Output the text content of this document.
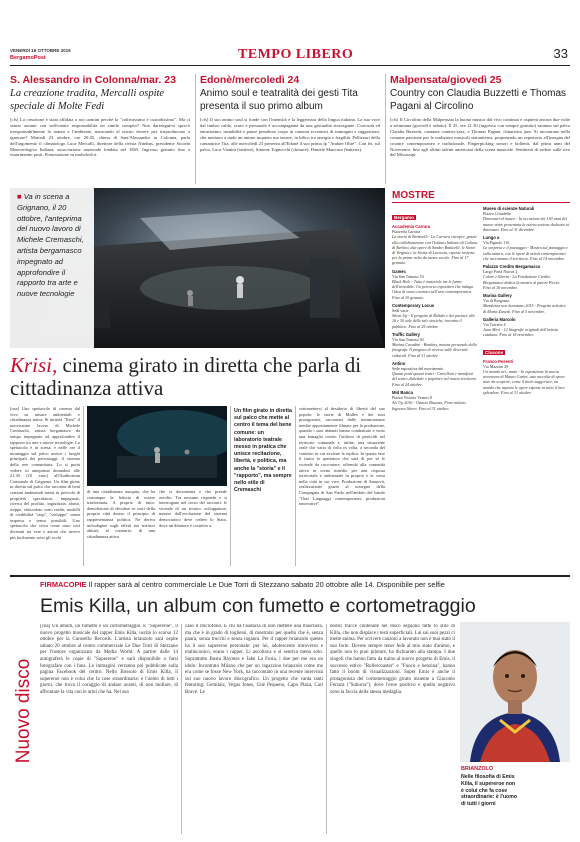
VENERDÌ 16 OTTOBRE 2015
BergamoPost	TEMPO LIBERO	33
S. Alessandro in Colonna/mar. 23
La creazione tradita, Mercalli ospite speciale di Molte Fedi
[cfs] La creazione è stata affidata a noi uomini perché la "coltivassimo e custodissimo". Ma ci siamo assunti con sufficiente responsabilità un simile compito? Non dareseguirsi sprecò irresponsabilmente la natura e l'ambiente, mancando al nostro dovere per irriproducono o ignorare? Martedì 23 ottobre, ore 20.45, chiesa di Sant'Alessandro in Colonna, parla dell'argomento il climatologo Luca Mercalli, direttore della rivista Nimbus, presidente Società Meteorologica Italiana, associazione nazionale fondata nel 1865. Ingresso gratuito fino a esaurimento posti. Prenotazione su moltefedi.it.
Edonè/mercoledì 24
Animo soul e teatralità dei gesti Tita presenta il suo primo album
[cfs] Il suo animo soul si fonde con l'intensità e la leggerezza della lingua italiana. La sua voce dal timbro caldo, scuro e personale è accompagnata da una gestualità stravagante. Curiosità ed entusiasmo, instabilità e pause prendono corpo in canzoni eccentrici di immagini e suggestioni, che mettono a nudo un animo inquieto ma tenace, in bilico tra energia e fragilità. Pellizzari della cantautrice Tita, alle mercoledì 23 presenta all'Edonè il suo primo lp "Andare Oltre". Con lei, sul palco, Luca Vianini (tastiere), Simone Tognocchi (chitarre), Daniele Mancuso (batteria).
Malpensata/giovedì 25
Country con Claudia Buzzetti e Thomas Pagani al Circolino
[cfs] Il Circolino della Malpensata la buona musica dal vivo continua e ospiterà ancora due volte a settimana (giovedì e sabato). Il 25, ore 21.30 (ingresso con sempre gratuito) saranno sul palco Claudia Buzzetti, cantante country-jazz, e Thomas Pagani, chitarrista jazz. Si incontrano nella comune passione per le tradizioni musicali statunitensi, proponendo un repertorio all'insegna del country contemporaneo e tradizionale. Fingerpicking sonori e bollenti, dal primi anni del Novecento, fino agli ultimi talenti americani della scena musicale. Sembrerà di sedere sulle rive del Mississipi.
■ Va in scena a Grignano, il 20 ottobre, l'anteprima del nuovo lavoro di Michele Cremaschi, artista bergamasco impegnato ad approfondire il rapporto tra arte e nuove tecnologie
Krisi, cinema girato in diretta che parla di cittadinanza attiva
[cna] Uno spettacolo di cinema dal vivo su misure ambientali e cittadinanza attiva. Si intitola "Krisi" il nuovissimo lavoro di Michele Cremaschi, artista bergamasco da tempo impegnato ad approfondire il rapporto tra arte e nuove tecnologie. Lo spettacolo è in scena, e nelle ore il montaggio sul palco unisce i luoghi principali dei personaggi: il sistema della rete comunitaria. Lo si potrà vedere in anteprima dotandosi alle 21.30 (10 euro) all'Auditorium Comunale di Grignano. Un film girato in diretta sul palco che racconta di beni comuni ambientali messi in pericolo di proprietà speculatori, impegnate, ricerca del profitto, ingiustizia, abuso, troppe, sbriciolato sotto realtà, modelli di credibilità "stop", "sviluppo" senza impresa o senso possibili. Uno spettacolo che cerca come sono così divenuti tra vere e azioni che invece più facilmente sotto gli occhi
di una cittadinanza assopita, che ha comunque la fiducia di essere trasformata. A proprio di tutto: demolizione di decidere se sorti della propria città dentro il principio di rappresentanza politica. Ne deriva un'indagine sugli effetti nei territori abitati, al contrario, di una cittadinanza attiva
che si documenta e che prende ascolto. Tra nessuno risponde e si interrogano nel corso dei racconti: le vicende di un tecnico sviluppatore, mentre dall'evoluzione del sistema democratico deve cedere lo Stato, dove un dittatore è costretto a
Un film girato in diretta sul palco che mette al centro il tema del bene comune: un laboratorio teatrale messo in pratica che unisce recitazione, libertà, e politica, ma anche la "storia" e il "rapporto", ma sempre nello stile di Cremaschi
sottomettersi al desiderio di libertà del suo popolo; le storie di Mulles e dei suoi protagonisti, raccontati dalle testimonianze inedite appositamente filmate per la produzione, quando i suoi abitanti hanno combattuto e vinto una battaglia contro l'utilizzo di pesticidi nel territorio comunale e, infine, una situazione reale che varia di volta in volta, a seconda del contesto in cui avviene la replica. In questa fase il frutto lo spettatore che sarà di per sé le vicende da raccontare, offrendo alla comunità attiva in scena rimedio per una risposta territoriale e ambientale in proprio e la corsa nella città in cui vive. Produzione di Smuovit, realizzazione grazie al sostegno della Compagnia di San Paolo nell'ambito del bando "Oraf Linguaggi contemporanei, produzioni innovative".
MOSTRE
Bergamo
Accademia Carrara
Piazzetta Carrara
La storia di Bertinelli - La Carrara riscopre, grazie alla collaborazione con l'Istituto Italiano di Cultura di Berlino, due opere di Sandro Botticelli, le Storie di Virginia e la Storia di Lucrezia, esposte insieme per la prima volta da mezzo secolo. Fino al 17 gennaio.
Gamec
Via San Tomaso 53
Black Hole - Tutto è materiale tra le forme dell'invisibile. Un percorso espositivo che indaga l'idea di vuoto cosmico nell'arte contemporanea. Fino al 10 gennaio.
Contemporary Locus
Sedi varie
Silent Up - Il progetto di Boltalo e dei partner, alle 16 e 30 sale delle sale storiche, incontra il pubblico. Fino al 25 ottobre.
Traffic Gallery
Via San Tomaso 92
Marina Cavadini - Bombay, mostra personale della fotografa. Il progetto di ricerca sulle diversità culturali. Fino al 31 ottobre.
Antino
Sede espositiva del movimento
Quanti posti quanti teatri - Cartelloni e manifesti del teatro dialettale e popolare nel nostro territorio. Fino al 24 ottobre.
Mid Banca
Piazza Vittorio Veneto 8
Art Up 2016 - Ottavio Bisanzo, Fiore milano. Ingresso libero. Fino al 31 ottobre.
Museo di scienze Naturali
Piazza Cittadella
Dinosauri al museo - In occasione dei 150 anni del museo viene presentata la nuova sezione dedicata ai dinosauri. Fino al 31 dicembre.
Lungo a
Via Pignolo 116
La sorpresa e il paesaggio - Mostra sul paesaggio e sulla natura, con le opere di artisti contemporanei che raccontano il territorio. Fino al 14 novembre.
Palazzo Credito Bergamasco
Largo Porta Nuova 2
Colore e libertà - La Fondazione Credito Bergamasco dedica la mostra al pittore Piccio. Fino al 16 novembre.
Marina Gallery
Via di Borgomo
Mambrina non buonismo 2015 - Progetto artistico di Marta Zanetti. Fino al 5 novembre.
Galleria Marcolo
Via Torrette 4
Juan Miró - 12 litografie originali dell'artista catalano. Fino al 18 novembre.
Clusone
Franco Pesenti
Via Mazzini 29
Un mondo art...mato - In esposizione la nuova avventura di Mauro Gurini, una raccolta di opere tutte da scoprire, come il titolo suggerisce, un mondo che aspetta le opere esposte in tutto il loro splendore. Fino al 31 ottobre.
Nuovo disco
FIRMACOPIE Il rapper sarà al centro commerciale Le Due Torri di Stezzano sabato 20 ottobre alle 14. Disponibile per selfie
Emis Killa, un album con fumetto e cortometraggio
[cna] Un album, un fumetto e un cortometraggio. È "Supereroe", il nuovo progetto musicale del rapper Emis Killa, uscito lo scorso 12 ottobre per la Carosello Records. L'artista brianzolo sarà ospite sabato 20 ottobre al centro commerciale Le Due Torri di Stezzano per l'instore organizzato da Media World. A partire dalle 14 autograferà le copie di "Supereroe" e sarà disponibile a farsi fotografare con i fans. Le immagini verranno poi pubblicate sulla pagina Facebook del centro. Nello Bossolo di Emis Killa, il supereroe non è colui che fa cose straordinarie: è l'uomo di tutti i giorni, che trova il coraggio di andare avanti, di non mollare, di affrontare la vita con le armi che ha. Nel suo
caso il microfono. E chi ha l'audacia di non mettere una maschera, ma che è in grado di togliersi, di mostrarsi per quello che è, senza paura, senza trucchi e senza inganni. Per il rapper brianzolo questo ha il suo supereroe personale: per lui, adolescente introverso e malinconico, erano i rapper. Li ascoltava e si sentiva meno solo. Soprattutto Busta Rhymes e Jake La Furia, i due per me era un idolo. Incontrato Milano che per un ragazzino brianzolo come me era come se fosse New York, ha raccontato in una recente intervista sul suo nuovo lavoro discografico. Un progetto che vanta tanti featuring: Gemitaiz, Vegas Jones, Gué Pequeno, Capo Plaza, Carl Brave. Le
dodici tracce contenute nel disco seguono tutte lo stile di Killa, che non dispiace i testi superficiali. Lui sui suoi pezzi ci mette anima. Per scrivere canzoni a lavorato non è mai stato il suo forte. Dovete sempre tener fede al mio stato d'animo, e quello non lo puoi pilotare, ha dichiarato alla stampa. I due singoli che hanno fatto da traino al nuovo progetto di Emis, il successo estivo "Rollercoaster" e "Fuoco e benzina", hanno fatto il boom di visualizzazioni. Super Emis è anche il protagonista del cortometraggio girato insieme a Giacomo Ferrara ("Suburra"), dove l'eroe positivo e quello negativo sono la faccia della stessa medaglia.
BRIANZOLO
Nelle filosofia di Emis Killa, il supereroe non è colui che fa cose straordinarie: è l'uomo di tutti i giorni
